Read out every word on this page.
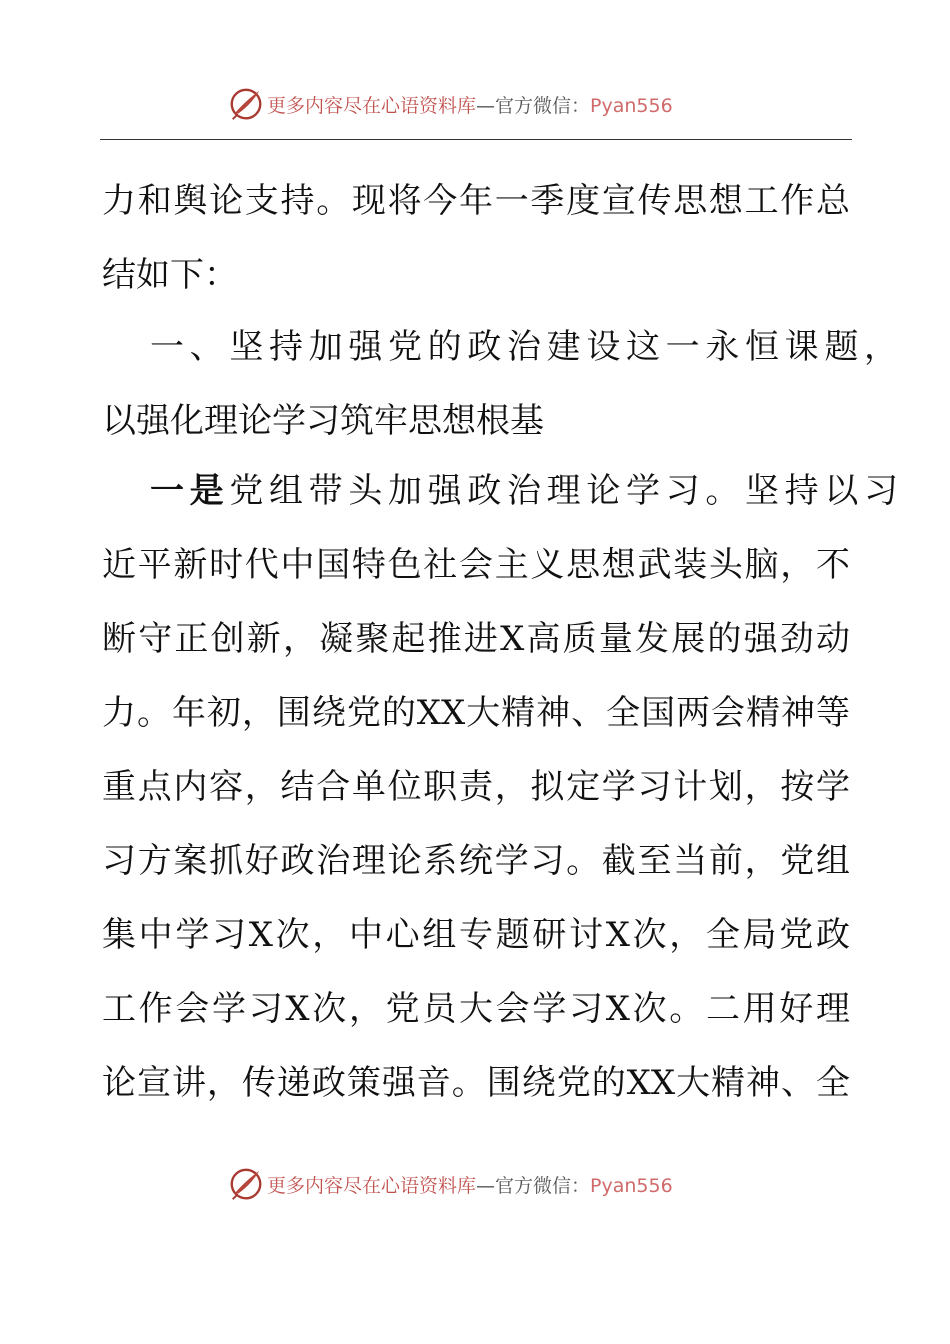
更多内容尽在心语资料库—官方微信：Pyan556
力和舆论支持。现将今年一季度宣传思想工作总
结如下：
一、坚持加强党的政治建设这一永恒课题，
以强化理论学习筑牢思想根基
一是党组带头加强政治理论学习。坚持以习
近平新时代中国特色社会主义思想武装头脑，不
断守正创新，凝聚起推进X高质量发展的强劲动
力。年初，围绕党的XX大精神、全国两会精神等
重点内容，结合单位职责，拟定学习计划，按学
习方案抓好政治理论系统学习。截至当前，党组
集中学习X次，中心组专题研讨X次，全局党政
工作会学习X次，党员大会学习X次。二用好理
论宣讲，传递政策强音。围绕党的XX大精神、全
更多内容尽在心语资料库—官方微信：Pyan556
